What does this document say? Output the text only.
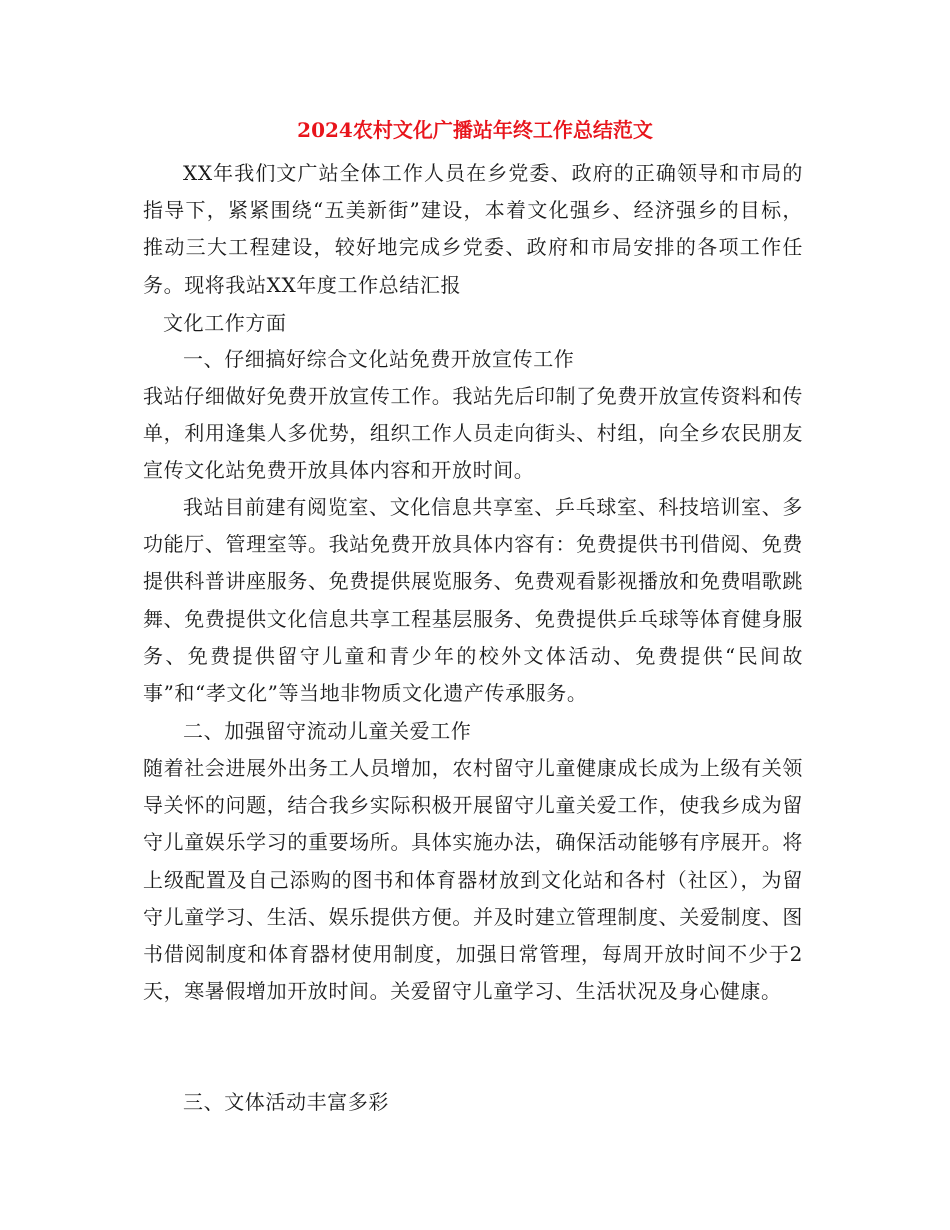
2024农村文化广播站年终工作总结范文
XX年我们文广站全体工作人员在乡党委、政府的正确领导和市局的指导下，紧紧围绕“五美新街”建设，本着文化强乡、经济强乡的目标，推动三大工程建设，较好地完成乡党委、政府和市局安排的各项工作任务。现将我站XX年度工作总结汇报
文化工作方面
一、仔细搞好综合文化站免费开放宣传工作
我站仔细做好免费开放宣传工作。我站先后印制了免费开放宣传资料和传单，利用逢集人多优势，组织工作人员走向街头、村组，向全乡农民朋友宣传文化站免费开放具体内容和开放时间。
我站目前建有阅览室、文化信息共享室、乒乓球室、科技培训室、多功能厅、管理室等。我站免费开放具体内容有：免费提供书刊借阅、免费提供科普讲座服务、免费提供展览服务、免费观看影视播放和免费唱歌跳舞、免费提供文化信息共享工程基层服务、免费提供乒乓球等体育健身服务、免费提供留守儿童和青少年的校外文体活动、免费提供“民间故事”和“孝文化”等当地非物质文化遗产传承服务。
二、加强留守流动儿童关爱工作
随着社会进展外出务工人员增加，农村留守儿童健康成长成为上级有关领导关怀的问题，结合我乡实际积极开展留守儿童关爱工作，使我乡成为留守儿童娱乐学习的重要场所。具体实施办法，确保活动能够有序展开。将上级配置及自己添购的图书和体育器材放到文化站和各村（社区），为留守儿童学习、生活、娱乐提供方便。并及时建立管理制度、关爱制度、图书借阅制度和体育器材使用制度，加强日常管理，每周开放时间不少于2天，寒暑假增加开放时间。关爱留守儿童学习、生活状况及身心健康。
三、文体活动丰富多彩
